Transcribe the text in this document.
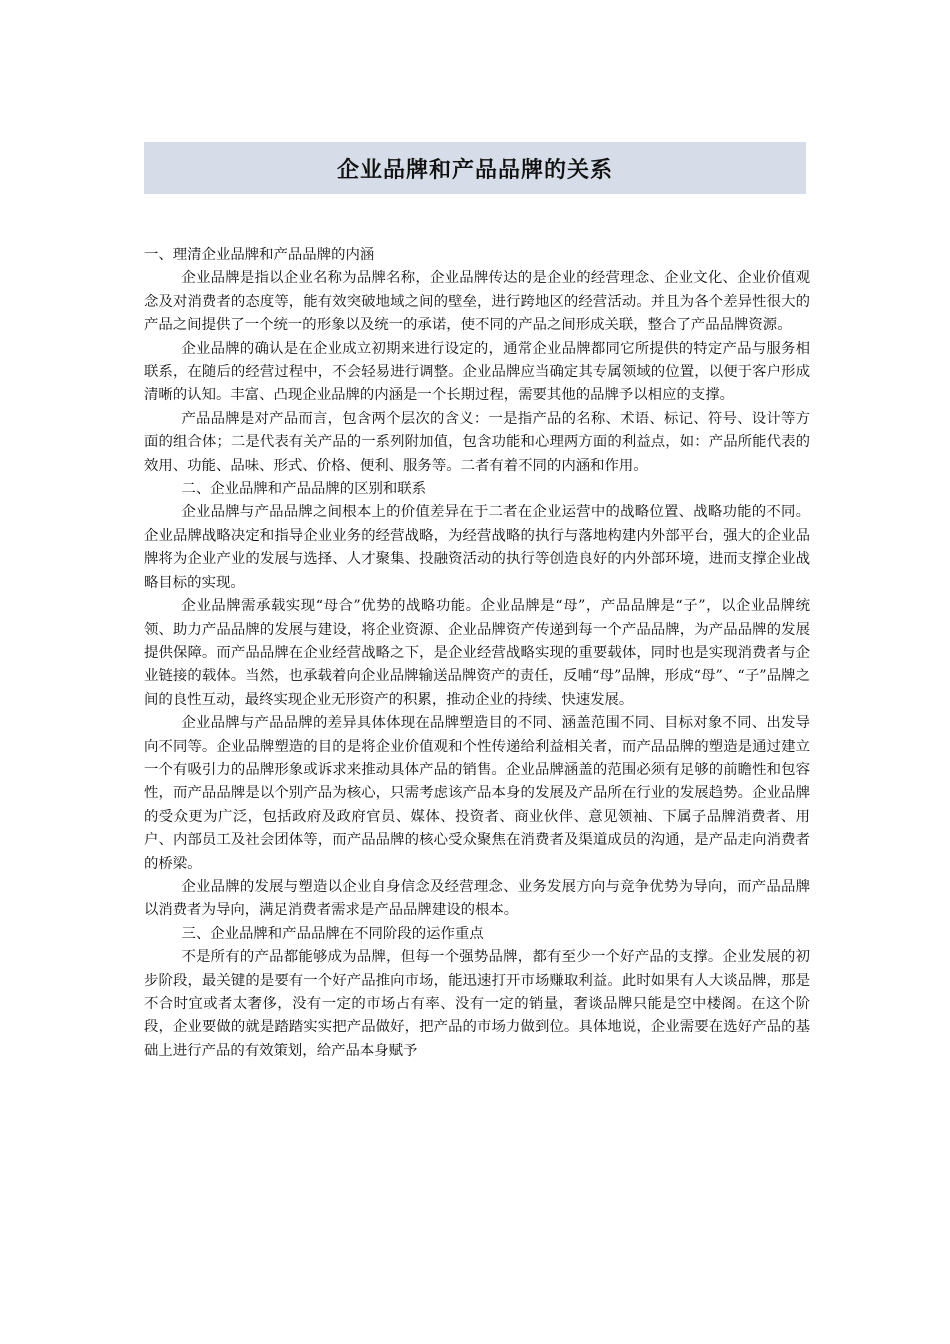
企业品牌和产品品牌的关系

一、理清企业品牌和产品品牌的内涵

企业品牌是指以企业名称为品牌名称，企业品牌传达的是企业的经营理念、企业文化、企业价值观念及对消费者的态度等，能有效突破地域之间的壁垒，进行跨地区的经营活动。并且为各个差异性很大的产品之间提供了一个统一的形象以及统一的承诺，使不同的产品之间形成关联，整合了产品品牌资源。

企业品牌的确认是在企业成立初期来进行设定的，通常企业品牌都同它所提供的特定产品与服务相联系，在随后的经营过程中，不会轻易进行调整。企业品牌应当确定其专属领域的位置，以便于客户形成清晰的认知。丰富、凸现企业品牌的内涵是一个长期过程，需要其他的品牌予以相应的支撑。

产品品牌是对产品而言，包含两个层次的含义：一是指产品的名称、术语、标记、符号、设计等方面的组合体；二是代表有关产品的一系列附加值，包含功能和心理两方面的利益点，如：产品所能代表的效用、功能、品味、形式、价格、便利、服务等。二者有着不同的内涵和作用。

二、企业品牌和产品品牌的区别和联系

企业品牌与产品品牌之间根本上的价值差异在于二者在企业运营中的战略位置、战略功能的不同。企业品牌战略决定和指导企业业务的经营战略，为经营战略的执行与落地构建内外部平台，强大的企业品牌将为企业产业的发展与选择、人才聚集、投融资活动的执行等创造良好的内外部环境，进而支撑企业战略目标的实现。

企业品牌需承载实现“母合”优势的战略功能。企业品牌是“母”，产品品牌是“子”，以企业品牌统领、助力产品品牌的发展与建设，将企业资源、企业品牌资产传递到每一个产品品牌，为产品品牌的发展提供保障。而产品品牌在企业经营战略之下，是企业经营战略实现的重要载体，同时也是实现消费者与企业链接的载体。当然，也承载着向企业品牌输送品牌资产的责任，反哺“母”品牌，形成“母”、“子”品牌之间的良性互动，最终实现企业无形资产的积累，推动企业的持续、快速发展。

企业品牌与产品品牌的差异具体体现在品牌塑造目的不同、涵盖范围不同、目标对象不同、出发导向不同等。企业品牌塑造的目的是将企业价值观和个性传递给利益相关者，而产品品牌的塑造是通过建立一个有吸引力的品牌形象或诉求来推动具体产品的销售。企业品牌涵盖的范围必须有足够的前瞻性和包容性，而产品品牌是以个别产品为核心，只需考虑该产品本身的发展及产品所在行业的发展趋势。企业品牌的受众更为广泛，包括政府及政府官员、媒体、投资者、商业伙伴、意见领袖、下属子品牌消费者、用户、内部员工及社会团体等，而产品品牌的核心受众聚焦在消费者及渠道成员的沟通，是产品走向消费者的桥梁。

企业品牌的发展与塑造以企业自身信念及经营理念、业务发展方向与竞争优势为导向，而产品品牌以消费者为导向，满足消费者需求是产品品牌建设的根本。

三、企业品牌和产品品牌在不同阶段的运作重点

不是所有的产品都能够成为品牌，但每一个强势品牌，都有至少一个好产品的支撑。企业发展的初步阶段，最关键的是要有一个好产品推向市场，能迅速打开市场赚取利益。此时如果有人大谈品牌，那是不合时宜或者太奢侈，没有一定的市场占有率、没有一定的销量，奢谈品牌只能是空中楼阁。在这个阶段，企业要做的就是踏踏实实把产品做好，把产品的市场力做到位。具体地说，企业需要在选好产品的基础上进行产品的有效策划，给产品本身赋予
